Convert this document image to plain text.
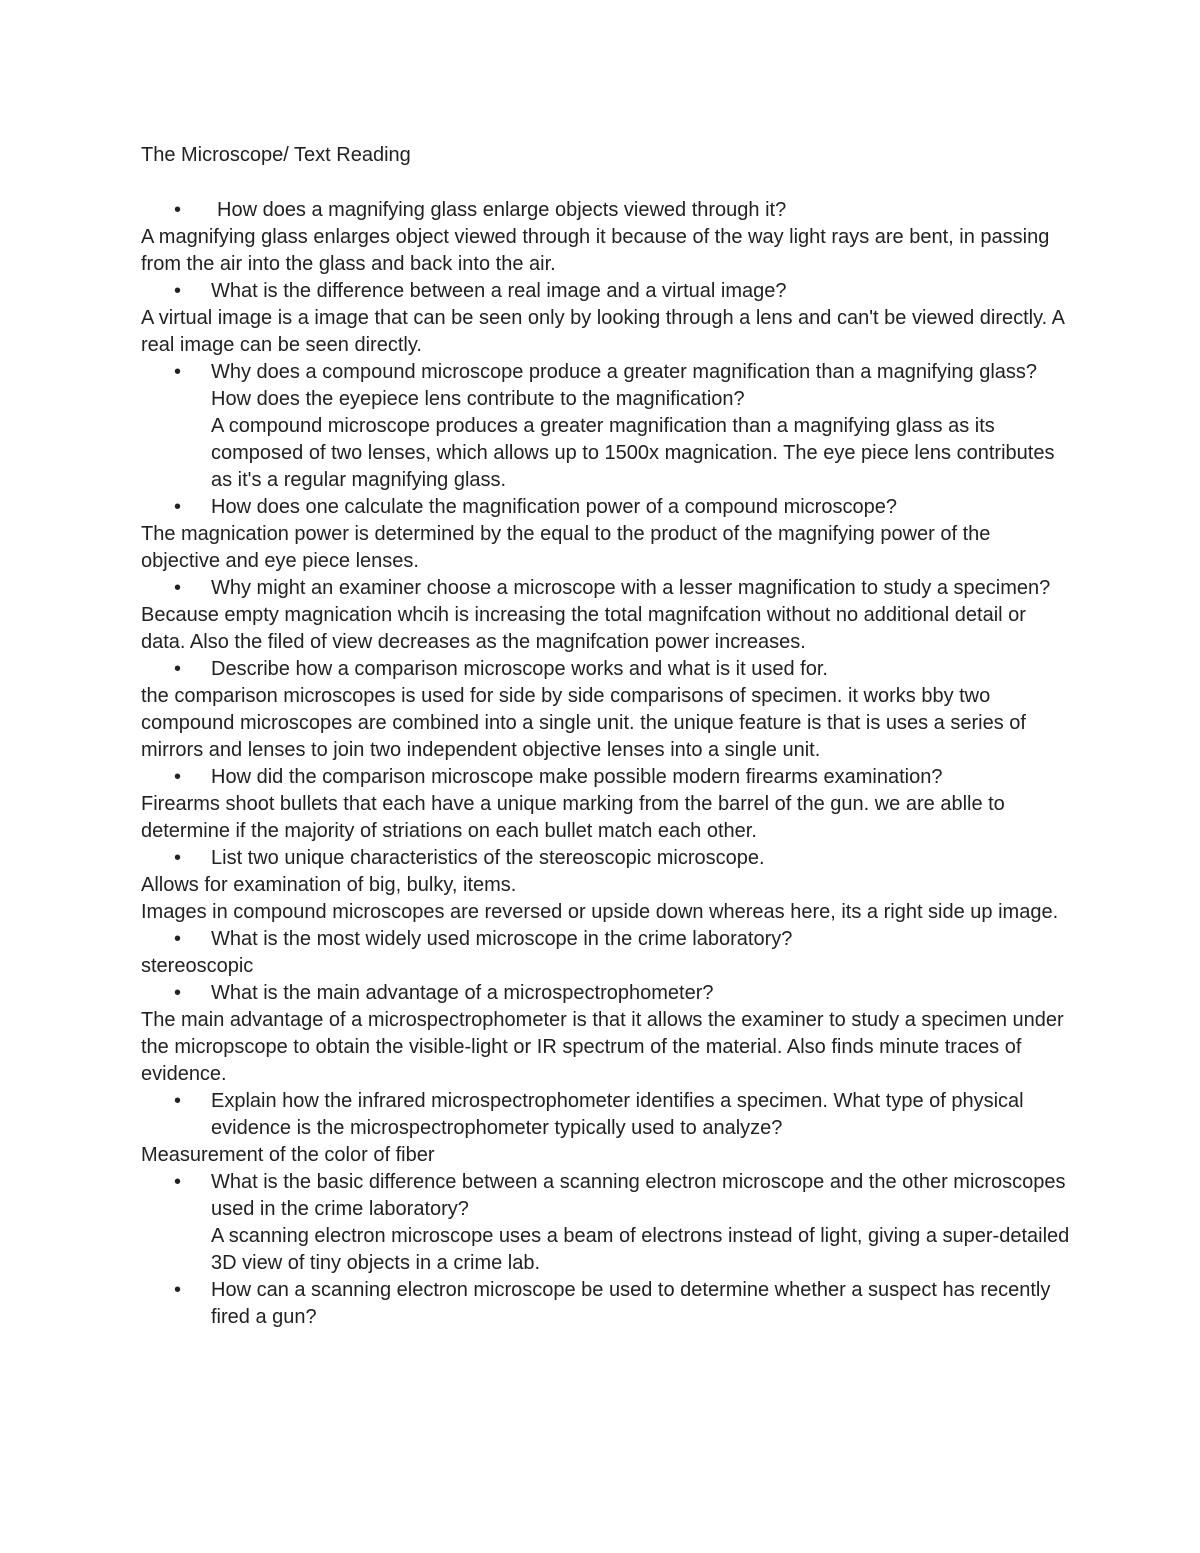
The Microscope/ Text Reading
• How does a magnifying glass enlarge objects viewed through it?
A magnifying glass enlarges object viewed through it because of the way light rays are bent, in passing from the air into the glass and back into the air.
• What is the difference between a real image and a virtual image?
A virtual image is a image that can be seen only by looking through a lens and can't be viewed directly. A real image can be seen directly.
• Why does a compound microscope produce a greater magnification than a magnifying glass? How does the eyepiece lens contribute to the magnification?
A compound microscope produces a greater magnification than a magnifying glass as its composed of two lenses, which allows up to 1500x magnication. The eye piece lens contributes as it's a regular magnifying glass.
• How does one calculate the magnification power of a compound microscope?
The magnication power is determined by the equal to the product of the magnifying power of the objective and eye piece lenses.
• Why might an examiner choose a microscope with a lesser magnification to study a specimen?
Because empty magnication whcih is increasing the total magnifcation without no additional detail or data. Also the filed of view decreases as the magnifcation power increases.
• Describe how a comparison microscope works and what is it used for.
the comparison microscopes is used for side by side comparisons of specimen. it works bby two compound microscopes are combined into a single unit. the unique feature is that is uses a series of mirrors and lenses to join two independent objective lenses into a single unit.
• How did the comparison microscope make possible modern firearms examination?
Firearms shoot bullets that each have a unique marking from the barrel of the gun. we are ablle to determine if the majority of striations on each bullet match each other.
• List two unique characteristics of the stereoscopic microscope.
Allows for examination of big, bulky, items.
Images in compound microscopes are reversed or upside down whereas here, its a right side up image.
• What is the most widely used microscope in the crime laboratory?
stereoscopic
• What is the main advantage of a microspectrophometer?
The main advantage of a microspectrophometer is that it allows the examiner to study a specimen under the micropscope to obtain the visible-light or IR spectrum of the material. Also finds minute traces of evidence.
• Explain how the infrared microspectrophometer identifies a specimen. What type of physical evidence is the microspectrophometer typically used to analyze?
Measurement of the color of fiber
• What is the basic difference between a scanning electron microscope and the other microscopes used in the crime laboratory?
A scanning electron microscope uses a beam of electrons instead of light, giving a super-detailed 3D view of tiny objects in a crime lab.
• How can a scanning electron microscope be used to determine whether a suspect has recently fired a gun?
